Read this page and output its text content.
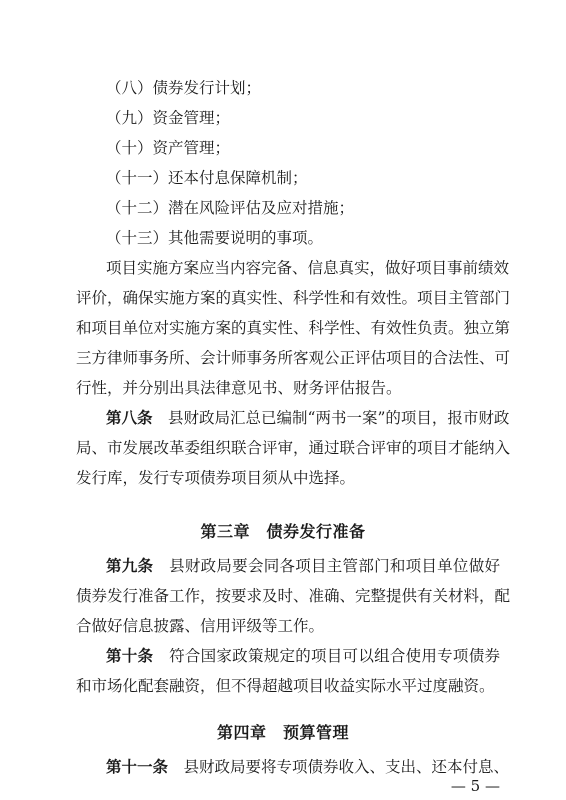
（八）债券发行计划；
（九）资金管理；
（十）资产管理；
（十一）还本付息保障机制；
（十二）潜在风险评估及应对措施；
（十三）其他需要说明的事项。
项目实施方案应当内容完备、信息真实，做好项目事前绩效
评价，确保实施方案的真实性、科学性和有效性。项目主管部门
和项目单位对实施方案的真实性、科学性、有效性负责。独立第
三方律师事务所、会计师事务所客观公正评估项目的合法性、可
行性，并分别出具法律意见书、财务评估报告。
第八条　 县财政局汇总已编制“两书一案”的项目，报市财政
局、市发展改革委组织联合评审，通过联合评审的项目才能纳入
发行库，发行专项债券项目须从中选择。
第三章　债券发行准备
第九条　 县财政局要会同各项目主管部门和项目单位做好
债券发行准备工作，按要求及时、准确、完整提供有关材料，配
合做好信息披露、信用评级等工作。
第十条　 符合国家政策规定的项目可以组合使用专项债券
和市场化配套融资，但不得超越项目收益实际水平过度融资。
第四章　预算管理
第十一条　 县财政局要将专项债券收入、支出、还本付息、
— 5 —
